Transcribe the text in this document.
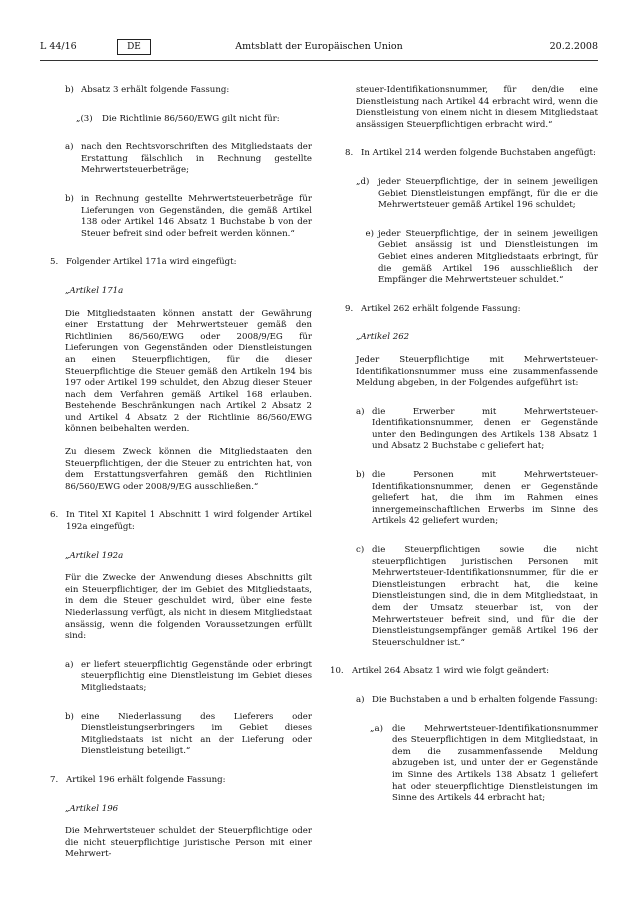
L 44/16	Amtsblatt der Europäischen Union
DE	20.2.2008
b) Absatz 3 erhält folgende Fassung:
„(3)	Die Richtlinie 86/560/EWG gilt nicht für:
a) nach den Rechtsvorschriften des Mitgliedstaats der Erstattung fälschlich in Rechnung gestellte Mehrwertsteuerbeträge;
b) in Rechnung gestellte Mehrwertsteuerbeträge für Lieferungen von Gegenständen, die gemäß Artikel 138 oder Artikel 146 Absatz 1 Buchstabe b von der Steuer befreit sind oder befreit werden können.“
5. Folgender Artikel 171a wird eingefügt:

„Artikel 171a

Die Mitgliedstaaten können anstatt der Gewährung einer Erstattung der Mehrwertsteuer gemäß den Richtlinien 86/560/EWG oder 2008/9/EG für Lieferungen von Gegenständen oder Dienstleistungen an einen Steuerpflichtigen, für die dieser Steuerpflichtige die Steuer gemäß den Artikeln 194 bis 197 oder Artikel 199 schuldet, den Abzug dieser Steuer nach dem Verfahren gemäß Artikel 168 erlauben. Bestehende Beschränkungen nach Artikel 2 Absatz 2 und Artikel 4 Absatz 2 der Richtlinie 86/560/EWG können beibehalten werden.

Zu diesem Zweck können die Mitgliedstaaten den Steuerpflichtigen, der die Steuer zu entrichten hat, von dem Erstattungsverfahren gemäß den Richtlinien 86/560/EWG oder 2008/9/EG ausschließen.“

6. In Titel XI Kapitel 1 Abschnitt 1 wird folgender Artikel 192a eingefügt:

„Artikel 192a

Für die Zwecke der Anwendung dieses Abschnitts gilt ein Steuerpflichtiger, der im Gebiet des Mitgliedstaats, in dem die Steuer geschuldet wird, über eine feste Niederlassung verfügt, als nicht in diesem Mitgliedstaat ansässig, wenn die folgenden Voraussetzungen erfüllt sind:

a) er liefert steuerpflichtig Gegenstände oder erbringt steuerpflichtig eine Dienstleistung im Gebiet dieses Mitgliedstaats;
b) eine Niederlassung des Lieferers oder Dienstleistungserbringers im Gebiet dieses Mitgliedstaats ist nicht an der Lieferung oder Dienstleistung beteiligt.“
7. Artikel 196 erhält folgende Fassung:

„Artikel 196

Die Mehrwertsteuer schuldet der Steuerpflichtige oder die nicht steuerpflichtige juristische Person mit einer Mehrwert-

steuer-Identifikationsnummer, für den/die eine Dienstleistung nach Artikel 44 erbracht wird, wenn die Dienstleistung von einem nicht in diesem Mitgliedstaat ansässigen Steuerpflichtigen erbracht wird.“

8. In Artikel 214 werden folgende Buchstaben angefügt:
„d)	jeder Steuerpflichtige, der in seinem jeweiligen Gebiet Dienstleistungen empfängt, für die er die Mehrwertsteuer gemäß Artikel 196 schuldet;
e) jeder Steuerpflichtige, der in seinem jeweiligen Gebiet ansässig ist und Dienstleistungen im Gebiet eines anderen Mitgliedstaats erbringt, für die gemäß Artikel 196 ausschließlich der Empfänger die Mehrwertsteuer schuldet.“
9. Artikel 262 erhält folgende Fassung:

„Artikel 262

Jeder Steuerpflichtige mit Mehrwertsteuer-Identifikationsnummer muss eine zusammenfassende Meldung abgeben, in der Folgendes aufgeführt ist:

a) die Erwerber mit Mehrwertsteuer-Identifikationsnummer, denen er Gegenstände unter den Bedingungen des Artikels 138 Absatz 1 und Absatz 2 Buchstabe c geliefert hat;
b) die Personen mit Mehrwertsteuer-Identifikationsnummer, denen er Gegenstände geliefert hat, die ihm im Rahmen eines innergemeinschaftlichen Erwerbs im Sinne des Artikels 42 geliefert wurden;
c) die Steuerpflichtigen sowie die nicht steuerpflichtigen juristischen Personen mit Mehrwertsteuer-Identifikationsnummer, für die er Dienstleistungen erbracht hat, die keine Dienstleistungen sind, die in dem Mitgliedstaat, in dem der Umsatz steuerbar ist, von der Mehrwertsteuer befreit sind, und für die der Dienstleistungsempfänger gemäß Artikel 196 der Steuerschuldner ist.“
10. Artikel 264 Absatz 1 wird wie folgt geändert:
a) Die Buchstaben a und b erhalten folgende Fassung:
„a)	die Mehrwertsteuer-Identifikationsnummer des Steuerpflichtigen in dem Mitgliedstaat, in dem die zusammenfassende Meldung abzugeben ist, und unter der er Gegenstände im Sinne des Artikels 138 Absatz 1 geliefert hat oder steuerpflichtige Dienstleistungen im Sinne des Artikels 44 erbracht hat;
